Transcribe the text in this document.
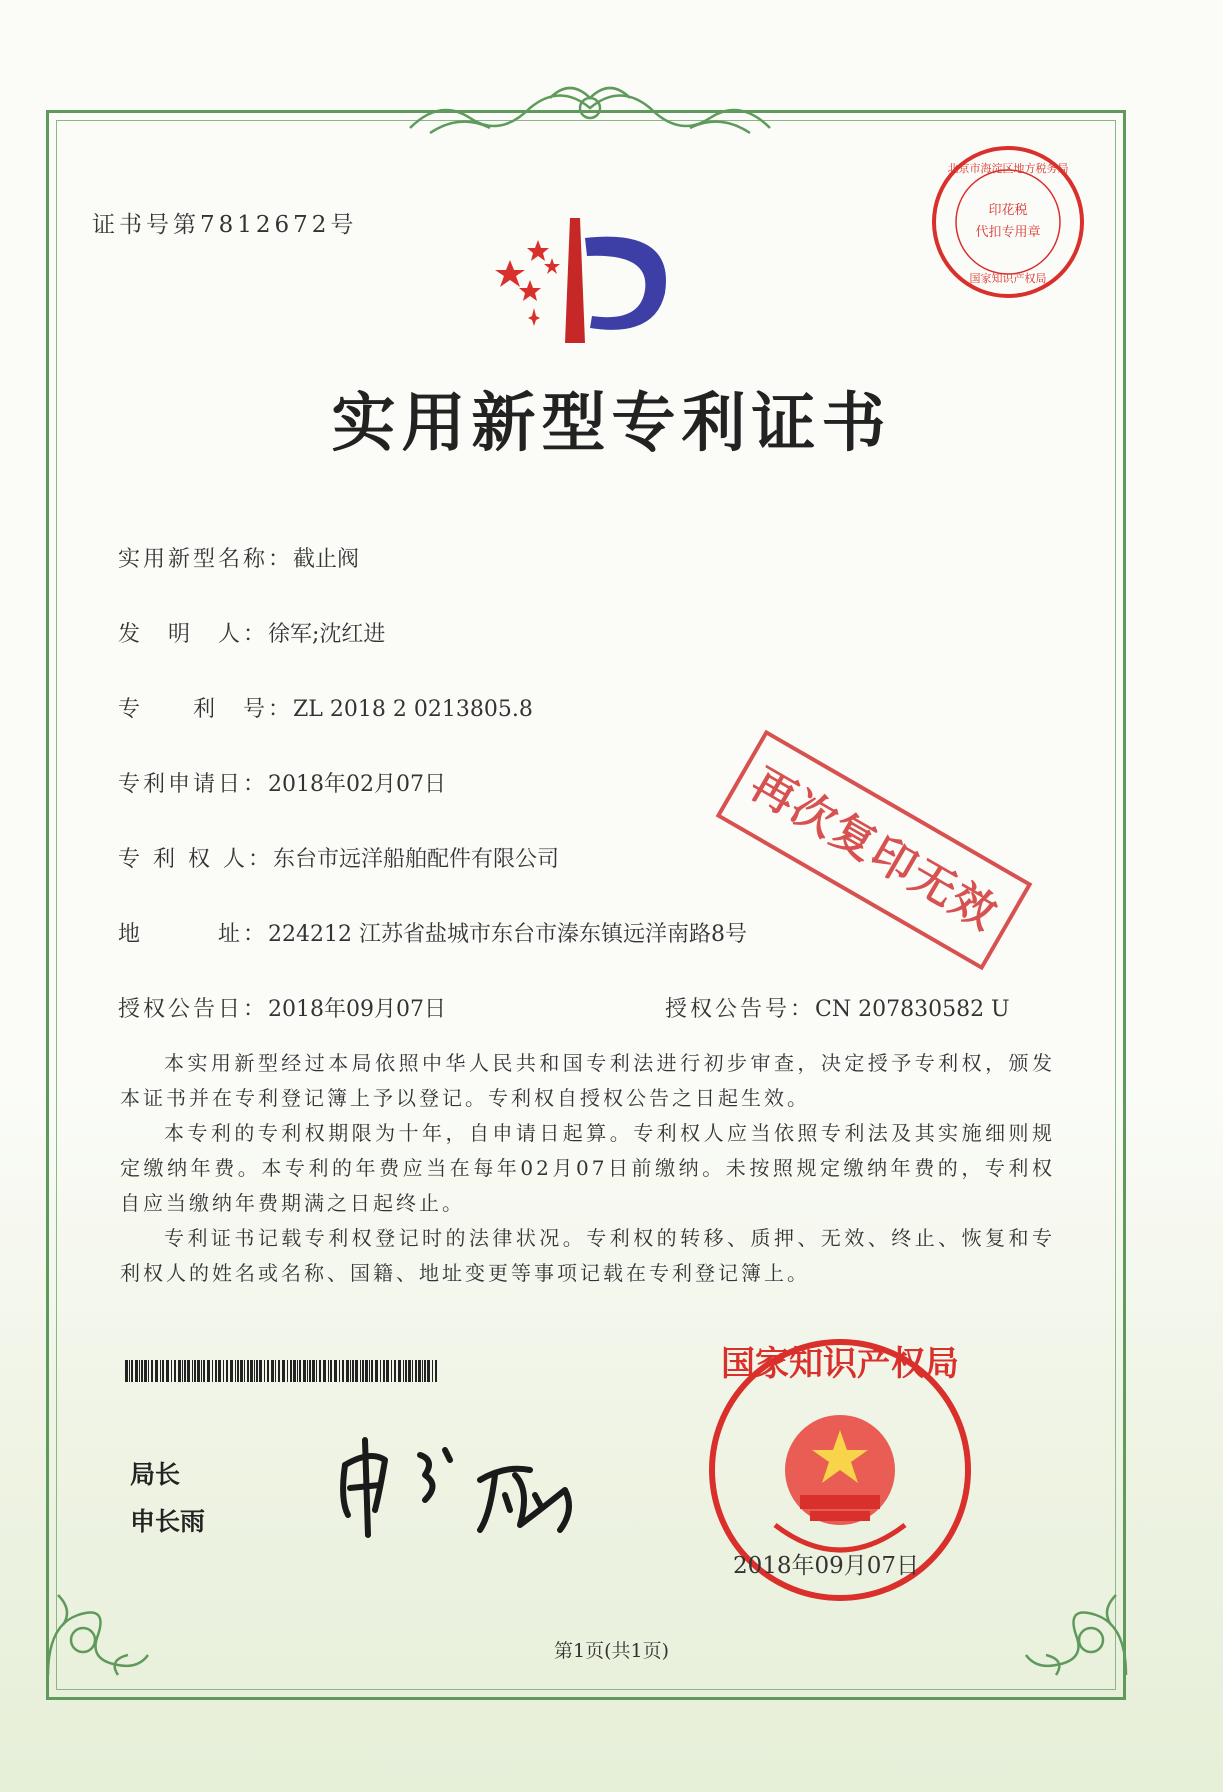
证书号第7812672号
印花税
代扣专用章
北京市海淀区地方税务局
国家知识产权局
实用新型专利证书
实用新型名称：截止阀
发　明　人：徐军;沈红进
专　　利　号：ZL 2018 2 0213805.8
专利申请日：2018年02月07日
专 利 权 人：东台市远洋船舶配件有限公司
地　　　址：224212 江苏省盐城市东台市溱东镇远洋南路8号
授权公告日：2018年09月07日	授权公告号：CN 207830582 U
再次复印无效

本实用新型经过本局依照中华人民共和国专利法进行初步审查，决定授予专利权，颁发本证书并在专利登记簿上予以登记。专利权自授权公告之日起生效。

本专利的专利权期限为十年，自申请日起算。专利权人应当依照专利法及其实施细则规定缴纳年费。本专利的年费应当在每年02月07日前缴纳。未按照规定缴纳年费的，专利权自应当缴纳年费期满之日起终止。

专利证书记载专利权登记时的法律状况。专利权的转移、质押、无效、终止、恢复和专利权人的姓名或名称、国籍、地址变更等事项记载在专利登记簿上。

局长
申长雨
国家知识产权局
2018年09月07日
第1页(共1页)
